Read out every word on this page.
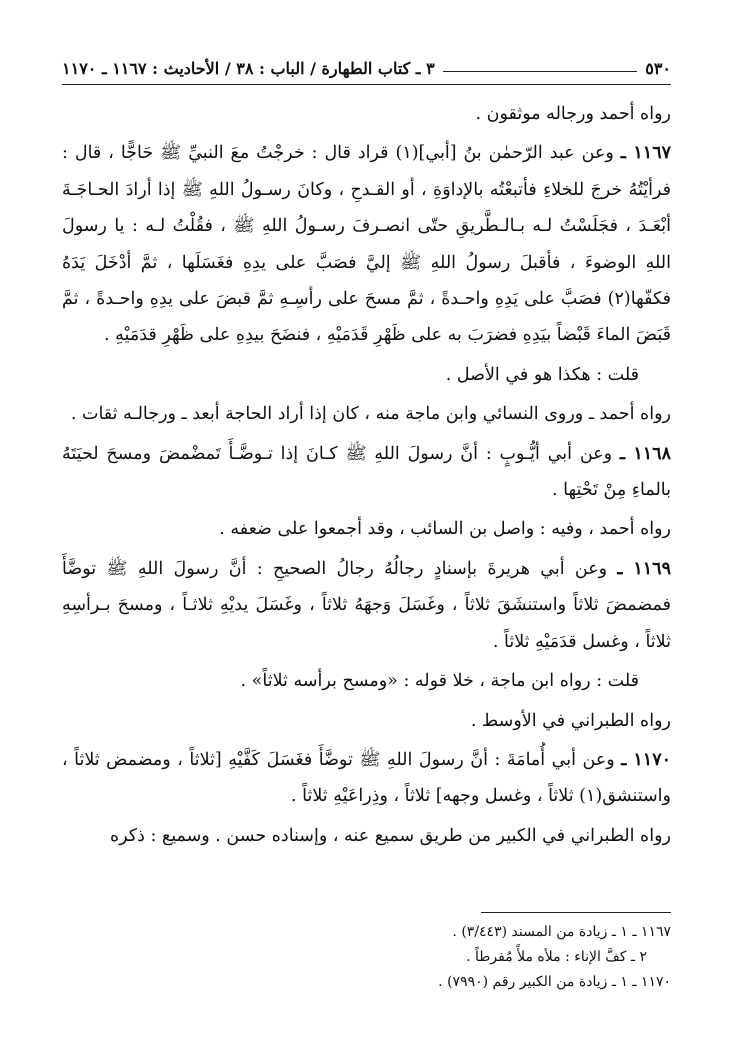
٥٣٠
٣ ـ كتاب الطهارة / الباب : ٣٨ / الأحاديث : ١١٦٧ ـ ١١٧٠

رواه أحمد ورجاله موثقون .

١١٦٧ ـ وعن عبد الرّحمٰن بنُ [أبي](١) قراد قال : خرجْتُ معَ النبيِّ ﷺ حَاجًّا ، قال : فرأيْتُهُ خرجَ للخلاءِ فأتبعْتُه بالإداوَةِ ، أو القـدحِ ، وكانَ رسـولُ اللهِ ﷺ إذا أرادَ الحـاجَـةَ أبْعَـدَ ، فجَلَسْتُ لـه بـالـطَّريقِ حتّى انصـرفَ رسـولُ اللهِ ﷺ ، فقُلْتُ لـه : يا رسولَ اللهِ الوضوءَ ، فأقبلَ رسولُ اللهِ ﷺ إليَّ فصَبَّ على يدِهِ فغَسَلَها ، ثمَّ أدْخَلَ يَدَهُ فكفّها(٢) فصَبَّ على يَدِهِ واحـدةً ، ثمَّ مسحَ على رأسِـهِ ثمَّ قبضَ على يدِهِ واحـدةً ، ثمَّ قَبَضَ الماءَ قَبْضاً بيَدِهِ فضرَبَ به على ظَهْرِ قَدَمَيْهِ ، فنضَحَ بيدِهِ على ظَهْرِ قدَمَيْهِ .

قلت : هكذا هو في الأصل .

رواه أحمد ـ وروى النسائي وابن ماجة منه ، كان إذا أراد الحاجة أبعد ـ ورجالـه ثقات .

١١٦٨ ـ وعن أبي أيُّـوبٍ : أنَّ رسولَ اللهِ ﷺ كـانَ إذا تـوضَّـأَ تَمضْمضَ ومسحَ لحيَتَهُ بالماءِ مِنْ تَحْتِها .

رواه أحمد ، وفيه : واصل بن السائب ، وقد أجمعوا على ضعفه .

١١٦٩ ـ وعن أبي هريرةَ بإسنادٍ رجالُهُ رجالُ الصحيحِ : أنَّ رسولَ اللهِ ﷺ توضَّأَ فمضمضَ ثلاثاً واستنشَقَ ثلاثاً ، وغَسَلَ وَجهَهُ ثلاثاً ، وغَسَلَ يديْهِ ثلاثـاً ، ومسحَ بـرأسِهِ ثلاثاً ، وغسل قدَمَيْهِ ثلاثاً .

قلت : رواه ابن ماجة ، خلا قوله : «ومسح برأسه ثلاثاً» .

رواه الطبراني في الأوسط .

١١٧٠ ـ وعن أبي أُمامَةَ : أنَّ رسولَ اللهِ ﷺ توضَّأَ فغَسَلَ كَفَّيْهِ [ثلاثاً ، ومضمض ثلاثاً ، واستنشق(١) ثلاثاً ، وغسل وجهه] ثلاثاً ، وذِراعَيْهِ ثلاثاً .

رواه الطبراني في الكبير من طريق سميع عنه ، وإسناده حسن . وسميع : ذكره

١١٦٧ ـ ١ ـ زيادة من المسند (٣/٤٤٣) .
٢ ـ كفَّ الإناء : ملأه ملأً مُفرطاً .
١١٧٠ ـ ١ ـ زيادة من الكبير رقم (٧٩٩٠) .
